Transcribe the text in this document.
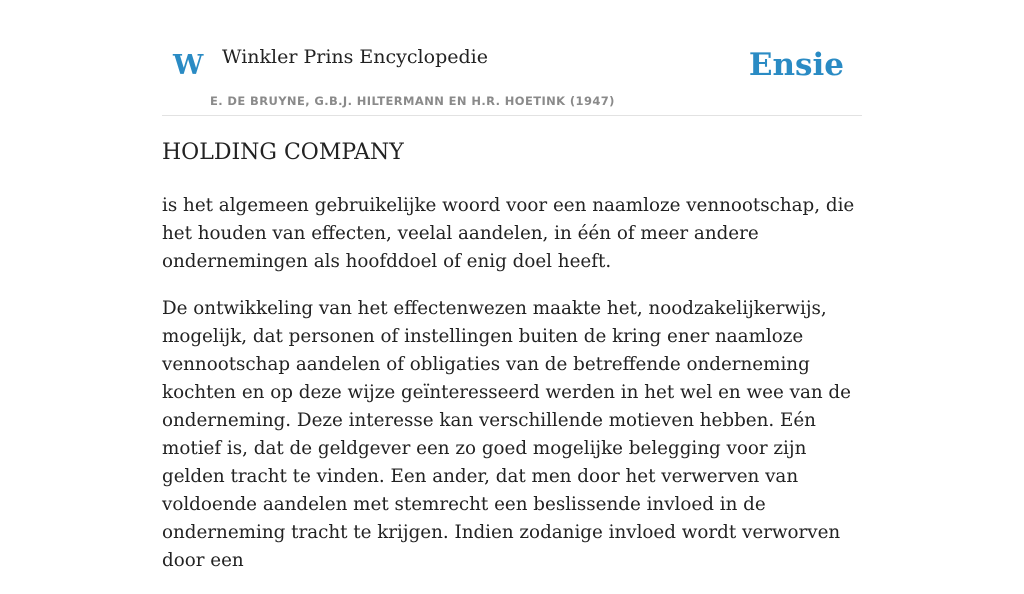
W Winkler Prins Encyclopedie
E. DE BRUYNE, G.B.J. HILTERMANN EN H.R. HOETINK (1947)
Ensie
HOLDING COMPANY

is het algemeen gebruikelijke woord voor een naamloze vennootschap, die het houden van effecten, veelal aandelen, in één of meer andere ondernemingen als hoofddoel of enig doel heeft.

De ontwikkeling van het effectenwezen maakte het, noodzakelijkerwijs, mogelijk, dat personen of instellingen buiten de kring ener naamloze vennootschap aandelen of obligaties van de betreffende onderneming kochten en op deze wijze geïnteresseerd werden in het wel en wee van de onderneming. Deze interesse kan verschillende motieven hebben. Eén motief is, dat de geldgever een zo goed mogelijke belegging voor zijn gelden tracht te vinden. Een ander, dat men door het verwerven van voldoende aandelen met stemrecht een beslissende invloed in de onderneming tracht te krijgen. Indien zodanige invloed wordt verworven door een
